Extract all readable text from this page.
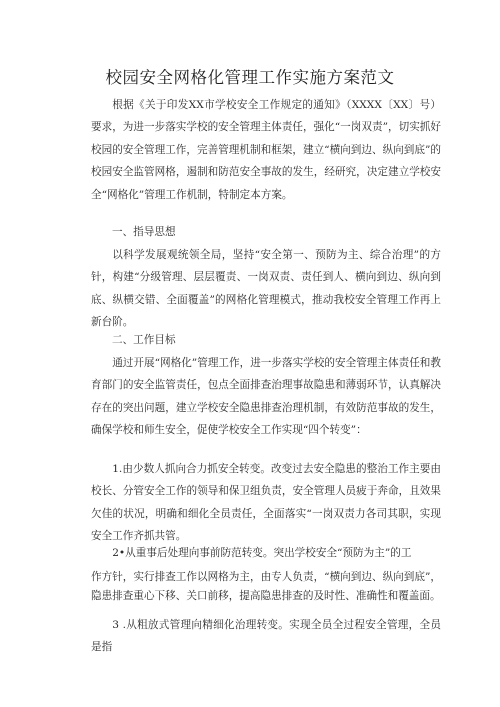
校园安全网格化管理工作实施方案范文

根据《关于印发XX市学校安全工作规定的通知》（XXXX〔XX〕号）要求，为进一步落实学校的安全管理主体责任，强化“一岗双责”，切实抓好校园的安全管理工作，完善管理机制和框架，建立“横向到边、纵向到底”的校园安全监管网格，遏制和防范安全事故的发生，经研究，决定建立学校安全“网格化”管理工作机制，特制定本方案。

一、指导思想

以科学发展观统领全局，坚持“安全第一、预防为主、综合治理”的方针，构建“分级管理、层层覆责、一岗双责、责任到人、横向到边、纵向到底、纵横交错、全面覆盖”的网格化管理模式，推动我校安全管理工作再上新台阶。

二、工作目标

通过开展“网格化”管理工作，进一步落实学校的安全管理主体责任和教育部门的安全监管责任，包点全面排查治理事故隐患和薄弱环节，认真解决存在的突出问题，建立学校安全隐患排查治理机制，有效防范事故的发生，确保学校和师生安全，促使学校安全工作实现“四个转变”：

1.由少数人抓向合力抓安全转变。改变过去安全隐患的整治工作主要由校长、分管安全工作的领导和保卫组负责，安全管理人员疲于奔命，且效果欠佳的状况，明确和细化全员责任，全面落实“一岗双责力各司其职，实现安全工作齐抓共管。

2•从重事后处理向事前防范转变。突出学校安全“预防为主”的工

作方针，实行排查工作以网格为主，由专人负责，“横向到边、纵向到底”，隐患排查重心下移、关口前移，提高隐患排查的及时性、准确性和覆盖面。

3 .从粗放式管理向精细化治理转变。实现全员全过程安全管理，全员是指
